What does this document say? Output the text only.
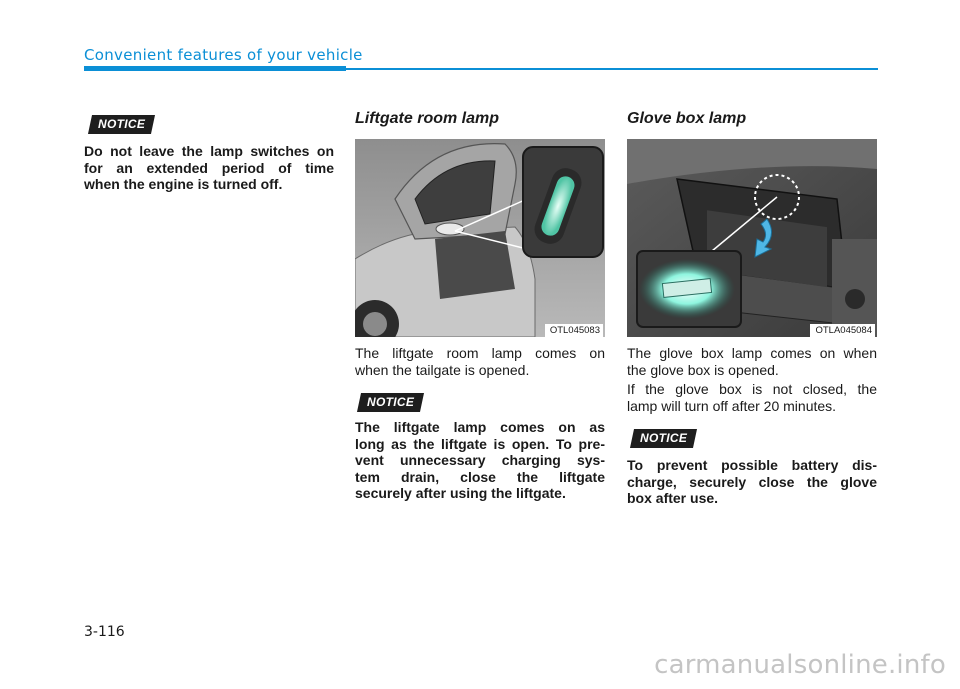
Convenient features of your vehicle
NOTICE
Do not leave the lamp switches on
for an extended period of time
when the engine is turned off.
Liftgate room lamp
OTL045083
The liftgate room lamp comes on
when the tailgate is opened.
NOTICE
The liftgate lamp comes on as
long as the liftgate is open. To pre-
vent unnecessary charging sys-
tem drain, close the liftgate
securely after using the liftgate.
Glove box lamp
OTLA045084
The glove box lamp comes on when
the glove box is opened.
If the glove box is not closed, the
lamp will turn off after 20 minutes.
NOTICE
To prevent possible battery dis-
charge, securely close the glove
box after use.
3-116
carmanualsonline.info
